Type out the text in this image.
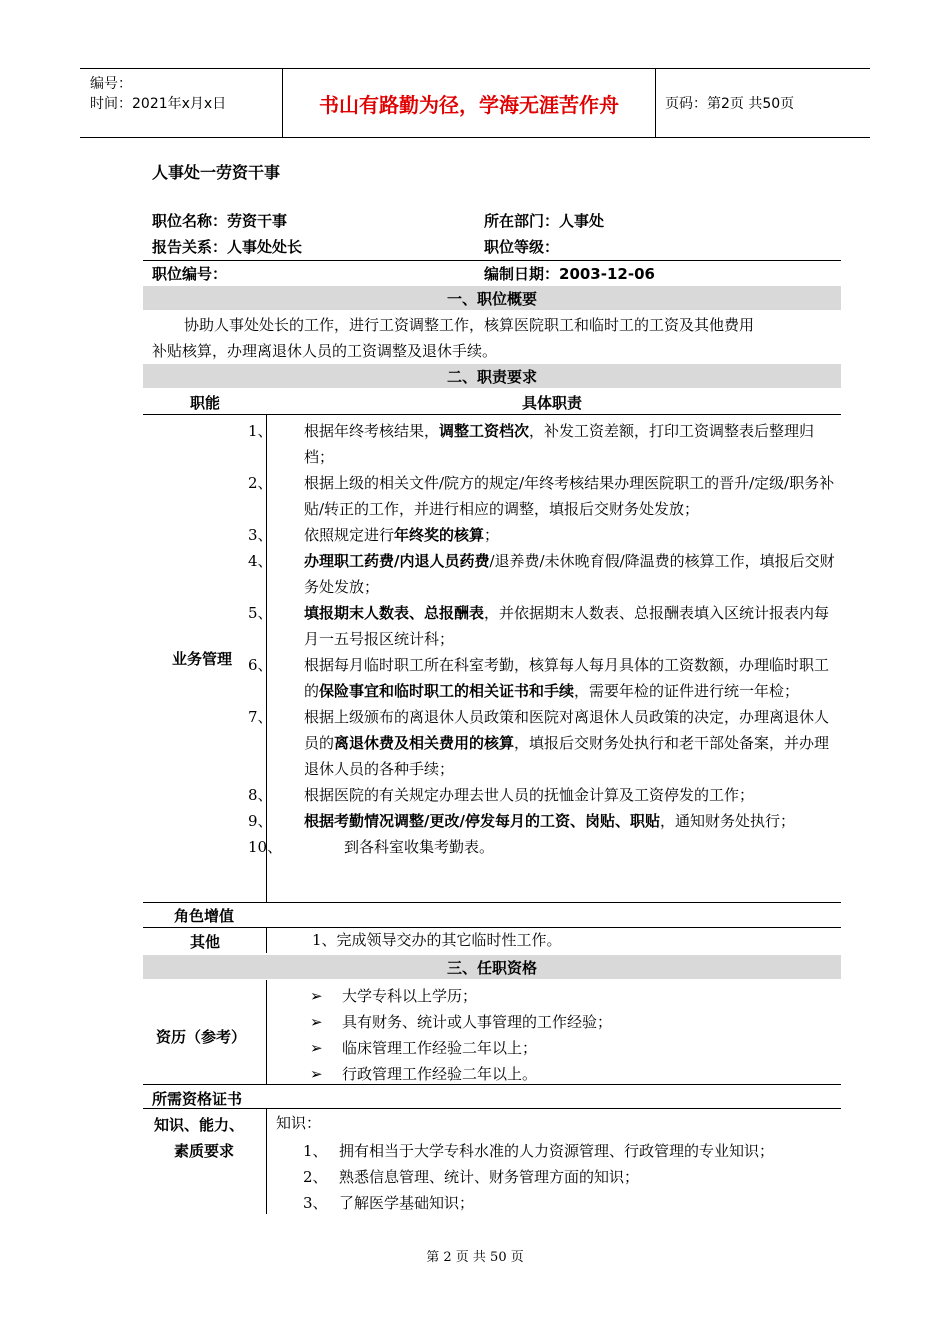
编号：
时间：2021年x月x日	书山有路勤为径，学海无涯苦作舟	页码：第2页 共50页
人事处一劳资干事
职位名称：劳资干事	所在部门：人事处
报告关系：人事处处长	职位等级：
职位编号：	编制日期：2003-12-06
一、职位概要
协助人事处处长的工作，进行工资调整工作，核算医院职工和临时工的工资及其他费用
补贴核算，办理离退休人员的工资调整及退休手续。
二、职责要求
职能	具体职责
业务管理
1、 根据年终考核结果，调整工资档次，补发工资差额，打印工资调整表后整理归档；
2、 根据上级的相关文件/院方的规定/年终考核结果办理医院职工的晋升/定级/职务补贴/转正的工作，并进行相应的调整，填报后交财务处发放；
3、 依照规定进行年终奖的核算；
4、 办理职工药费/内退人员药费/退养费/未休晚育假/降温费的核算工作，填报后交财务处发放；
5、 填报期末人数表、总报酬表，并依据期末人数表、总报酬表填入区统计报表内每月一五号报区统计科；
6、 根据每月临时职工所在科室考勤，核算每人每月具体的工资数额，办理临时职工的保险事宜和临时职工的相关证书和手续，需要年检的证件进行统一年检；
7、 根据上级颁布的离退休人员政策和医院对离退休人员政策的决定，办理离退休人员的离退休费及相关费用的核算，填报后交财务处执行和老干部处备案，并办理退休人员的各种手续；
8、 根据医院的有关规定办理去世人员的抚恤金计算及工资停发的工作；
9、 根据考勤情况调整/更改/停发每月的工资、岗贴、职贴，通知财务处执行；
10、	到各科室收集考勤表。
角色增值
其他	1、完成领导交办的其它临时性工作。
三、任职资格
资历（参考）
➢ 大学专科以上学历；
➢ 具有财务、统计或人事管理的工作经验；
➢ 临床管理工作经验二年以上；
➢ 行政管理工作经验二年以上。
所需资格证书
知识、能力、
素质要求
知识：
1、 拥有相当于大学专科水准的人力资源管理、行政管理的专业知识；
2、 熟悉信息管理、统计、财务管理方面的知识；
3、 了解医学基础知识；
第 2 页 共 50 页
